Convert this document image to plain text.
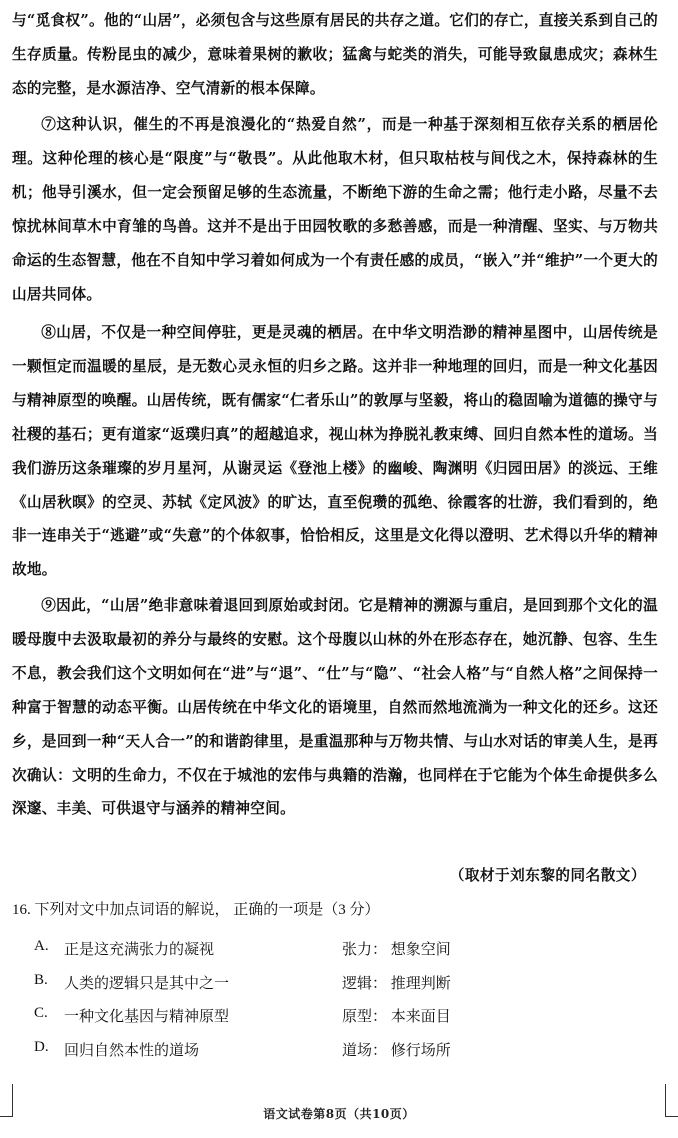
与“觅食权”。他的“山居”，必须包含与这些原有居民的共存之道。它们的存亡，直接关系到自己的生存质量。传粉昆虫的减少，意味着果树的歉收；猛禽与蛇类的消失，可能导致鼠患成灾；森林生态的完整，是水源洁净、空气清新的根本保障。

⑦这种认识，催生的不再是浪漫化的“热爱自然”，而是一种基于深刻相互依存关系的栖居伦理。这种伦理的核心是“限度”与“敬畏”。从此他取木材，但只取枯枝与间伐之木，保持森林的生机；他导引溪水，但一定会预留足够的生态流量，不断绝下游的生命之需；他行走小路，尽量不去惊扰林间草木中育雏的鸟兽。这并不是出于田园牧歌的多愁善感，而是一种清醒、坚实、与万物共命运的生态智慧，他在不自知中学习着如何成为一个有责任感的成员，“嵌入”并“维护”一个更大的山居共同体。

⑧山居，不仅是一种空间停驻，更是灵魂的栖居。在中华文明浩渺的精神星图中，山居传统是一颗恒定而温暖的星辰，是无数心灵永恒的归乡之路。这并非一种地理的回归，而是一种文化基因与精神原型的唤醒。山居传统，既有儒家“仁者乐山”的敦厚与坚毅，将山的稳固喻为道德的操守与社稷的基石；更有道家“返璞归真”的超越追求，视山林为挣脱礼教束缚、回归自然本性的道场。当我们游历这条璀璨的岁月星河，从谢灵运《登池上楼》的幽峻、陶渊明《归园田居》的淡远、王维《山居秋暝》的空灵、苏轼《定风波》的旷达，直至倪瓒的孤绝、徐霞客的壮游，我们看到的，绝非一连串关于“逃避”或“失意”的个体叙事，恰恰相反，这里是文化得以澄明、艺术得以升华的精神故地。

⑨因此，“山居”绝非意味着退回到原始或封闭。它是精神的溯源与重启，是回到那个文化的温暖母腹中去汲取最初的养分与最终的安慰。这个母腹以山林的外在形态存在，她沉静、包容、生生不息，教会我们这个文明如何在“进”与“退”、“仕”与“隐”、“社会人格”与“自然人格”之间保持一种富于智慧的动态平衡。山居传统在中华文化的语境里，自然而然地流淌为一种文化的还乡。这还乡，是回到一种“天人合一”的和谐韵律里，是重温那种与万物共情、与山水对话的审美人生，是再次确认：文明的生命力，不仅在于城池的宏伟与典籍的浩瀚，也同样在于它能为个体生命提供多么深邃、丰美、可供退守与涵养的精神空间。

（取材于刘东黎的同名散文）
16. 下列对文中加点词语的解说， 正确的一项是（3 分）
A. 正是这充满张力的凝视	张力： 想象空间
B. 人类的逻辑只是其中之一	逻辑： 推理判断
C. 一种文化基因与精神原型	原型： 本来面目
D. 回归自然本性的道场	道场： 修行场所
语文试卷第8页（共10页）
